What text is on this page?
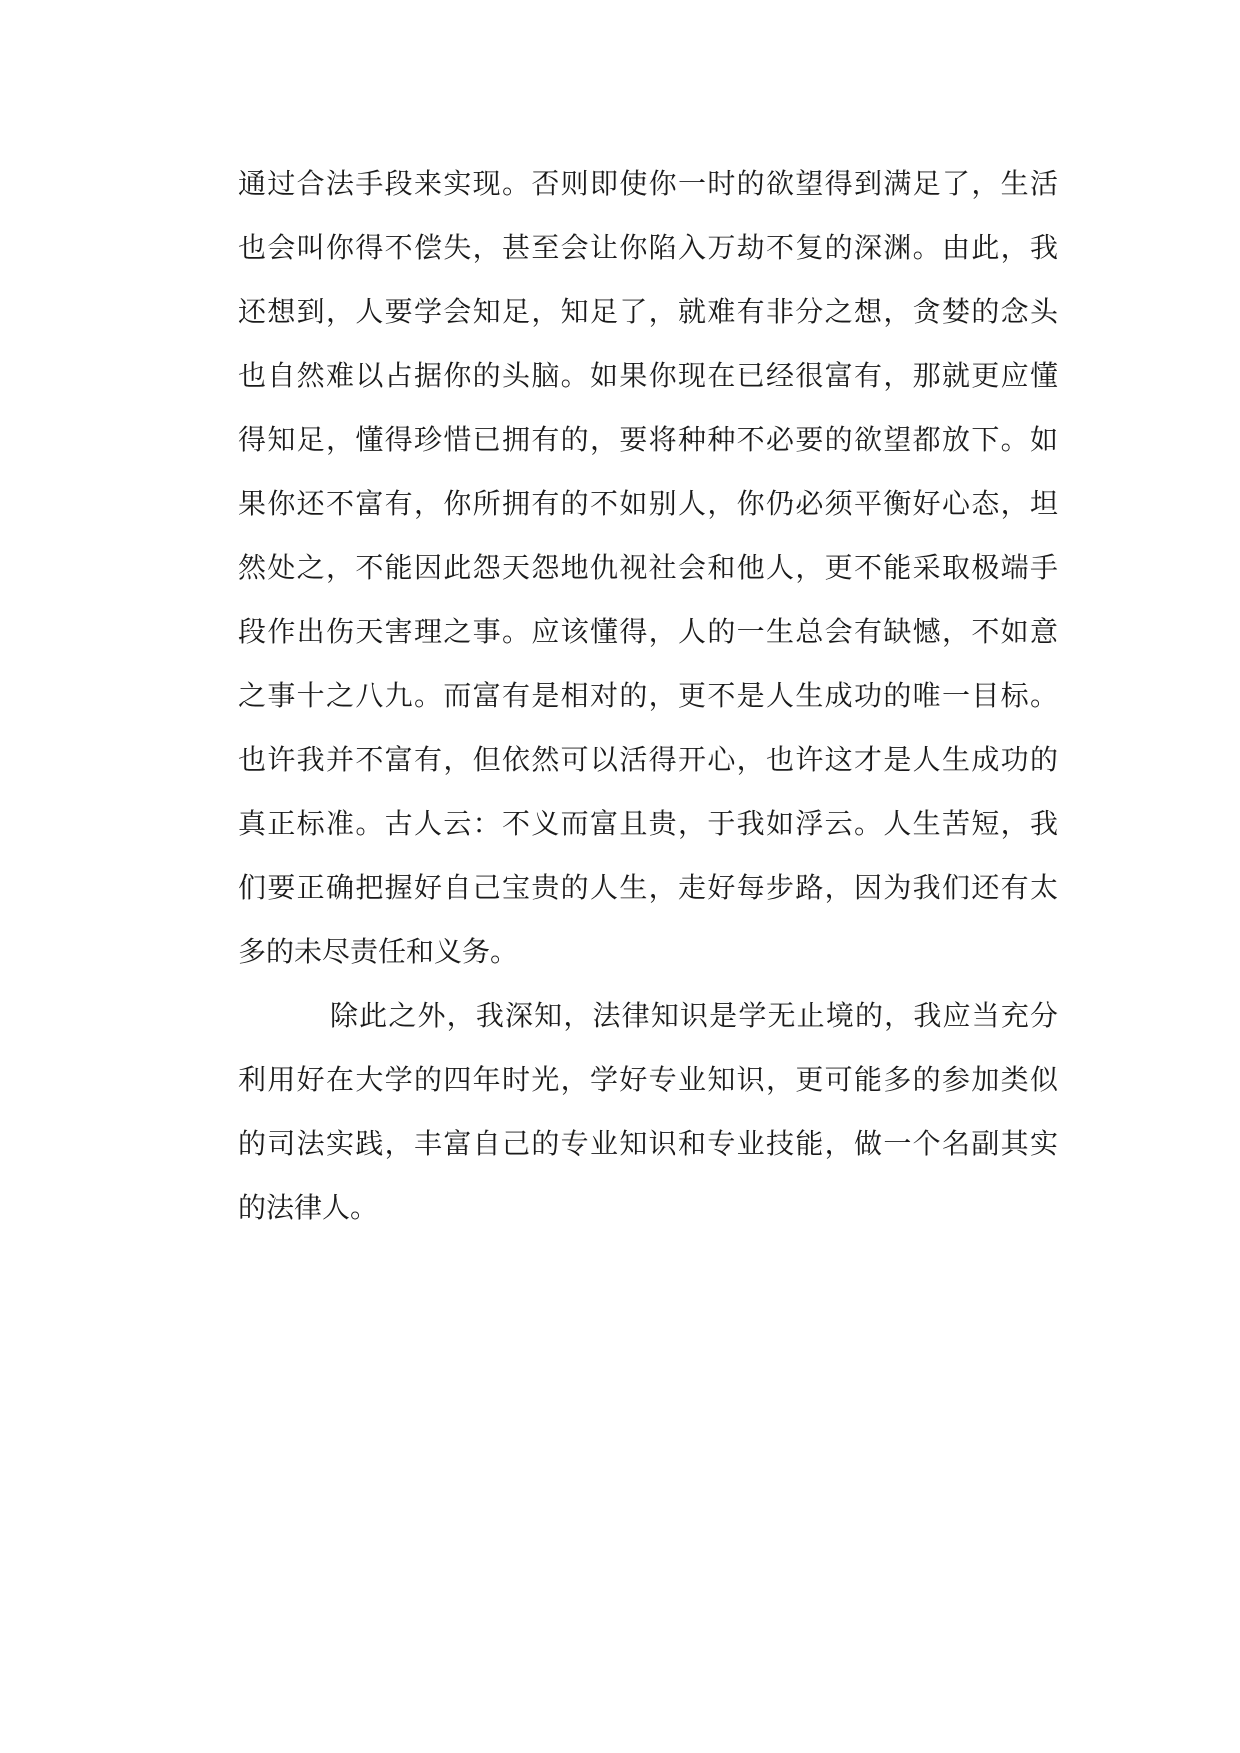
通过合法手段来实现。否则即使你一时的欲望得到满足了，生活
也会叫你得不偿失，甚至会让你陷入万劫不复的深渊。由此，我
还想到，人要学会知足，知足了，就难有非分之想，贪婪的念头
也自然难以占据你的头脑。如果你现在已经很富有，那就更应懂
得知足，懂得珍惜已拥有的，要将种种不必要的欲望都放下。如
果你还不富有，你所拥有的不如别人，你仍必须平衡好心态，坦
然处之，不能因此怨天怨地仇视社会和他人，更不能采取极端手
段作出伤天害理之事。应该懂得，人的一生总会有缺憾，不如意
之事十之八九。而富有是相对的，更不是人生成功的唯一目标。
也许我并不富有，但依然可以活得开心，也许这才是人生成功的
真正标准。古人云：不义而富且贵，于我如浮云。人生苦短，我
们要正确把握好自己宝贵的人生，走好每步路，因为我们还有太
多的未尽责任和义务。
除此之外，我深知，法律知识是学无止境的，我应当充分
利用好在大学的四年时光，学好专业知识，更可能多的参加类似
的司法实践，丰富自己的专业知识和专业技能，做一个名副其实
的法律人。
